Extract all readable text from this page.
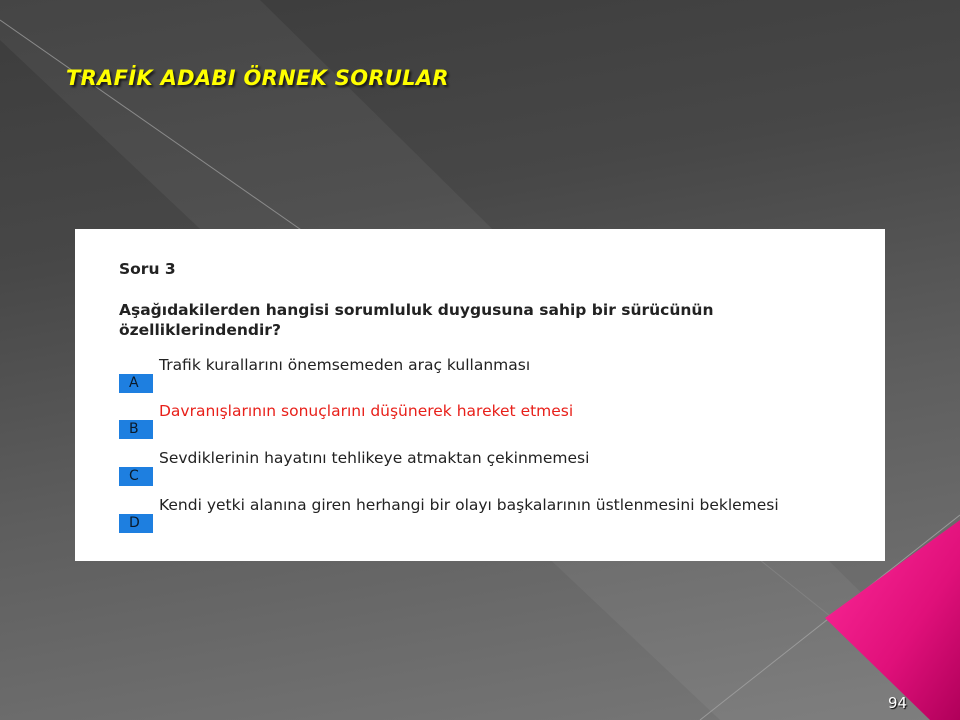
TRAFİK ADABI ÖRNEK SORULAR
Soru 3
Aşağıdakilerden hangisi sorumluluk duygusuna sahip bir sürücünün özelliklerindendir?
A
Trafik kurallarını önemsemeden araç kullanması
B
Davranışlarının sonuçlarını düşünerek hareket etmesi
C
Sevdiklerinin hayatını tehlikeye atmaktan çekinmemesi
D
Kendi yetki alanına giren herhangi bir olayı başkalarının üstlenmesini beklemesi
94
